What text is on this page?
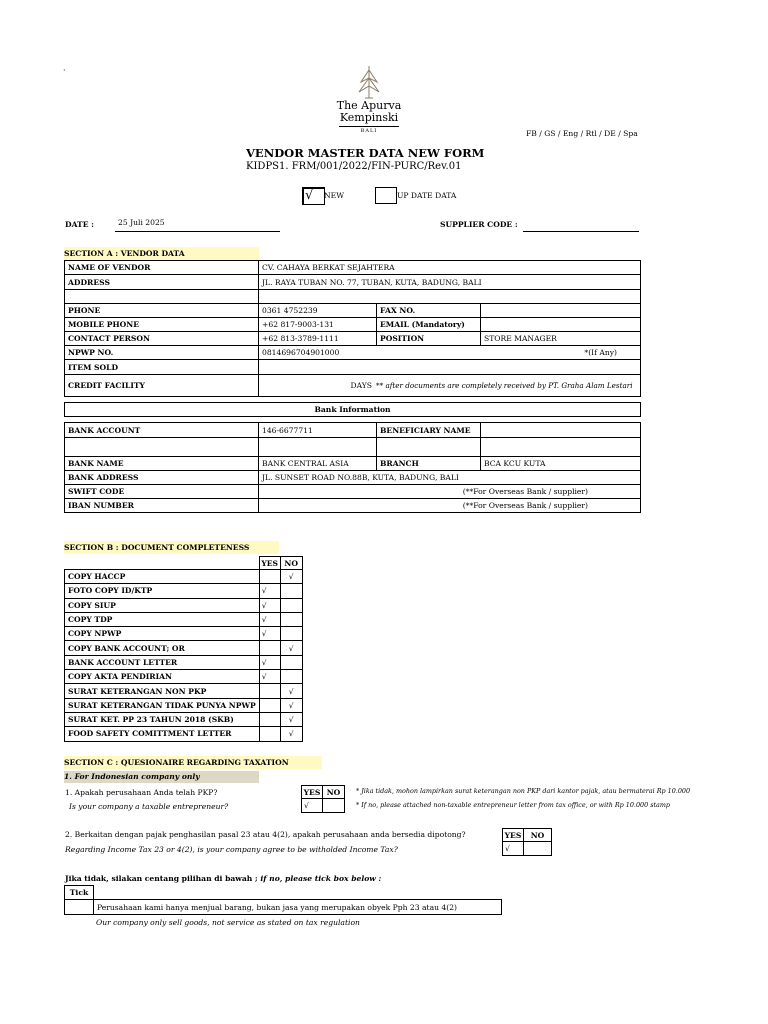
·
The Apurva
Kempinski
BALI	FB / GS / Eng / Rtl / DE / Spa
VENDOR MASTER DATA NEW FORM
KIDPS1. FRM/001/2022/FIN-PURC/Rev.01
√ NEW	UP DATE DATA
DATE :	25 Juli 2025	SUPPLIER CODE :
SECTION A : VENDOR DATA
NAME OF VENDOR	CV. CAHAYA BERKAT SEJAHTERA		
ADDRESS	JL. RAYA TUBAN NO. 77, TUBAN, KUTA, BADUNG, BALI		

PHONE	0361 4752239	FAX NO.	
MOBILE PHONE	+62 817-9003-131	EMAIL (Mandatory)	
CONTACT PERSON	+62 813-3789-1111	POSITION	STORE MANAGER
NPWP NO.	0814696704901000 *(If Any)		

ITEM SOLD			
CREDIT FACILITY	DAYS ** after documents are completely received by PT. Graha Alam Lestari		

Bank Information			

BANK ACCOUNT	146-6677711	BENEFICIARY NAME	

BANK NAME	BANK CENTRAL ASIA	BRANCH	BCA KCU KUTA
BANK ADDRESS	JL. SUNSET ROAD NO.88B, KUTA, BADUNG, BALI		
SWIFT CODE	(**For Overseas Bank / supplier)		
IBAN NUMBER	(**For Overseas Bank / supplier)		
SECTION B : DOCUMENT COMPLETENESS
	YES	NO
COPY HACCP		√
FOTO COPY ID/KTP	√	
COPY SIUP	√	
COPY TDP	√	
COPY NPWP	√	
COPY BANK ACCOUNT; OR		√
BANK ACCOUNT LETTER	√	
COPY AKTA PENDIRIAN	√	
SURAT KETERANGAN NON PKP		√
SURAT KETERANGAN TIDAK PUNYA NPWP		√
SURAT KET. PP 23 TAHUN 2018 (SKB)		√
FOOD SAFETY COMITTMENT LETTER		√
SECTION C : QUESIONAIRE REGARDING TAXATION
1. For Indonesian company only
1. Apakah perusahaan Anda telah PKP?
Is your company a taxable entrepreneur?
YES	NO
√	
* Jika tidak, mohon lampirkan surat keterangan non PKP dari kantor pajak, atau bermaterai Rp 10.000
* If no, please attached non-taxable entrepreneur letter from tax office, or with Rp 10.000 stamp
2. Berkaitan dengan pajak penghasilan pasal 23 atau 4(2), apakah perusahaan anda bersedia dipotong?
Regarding Income Tax 23 or 4(2), is your company agree to be witholded Income Tax?
YES	NO
√	
Jika tidak, silakan centang pilihan di bawah ; if no, please tick box below :
Tick	
	Perusahaan kami hanya menjual barang, bukan jasa yang merupakan obyek Pph 23 atau 4(2)
Our company only sell goods, not service as stated on tax regulation
